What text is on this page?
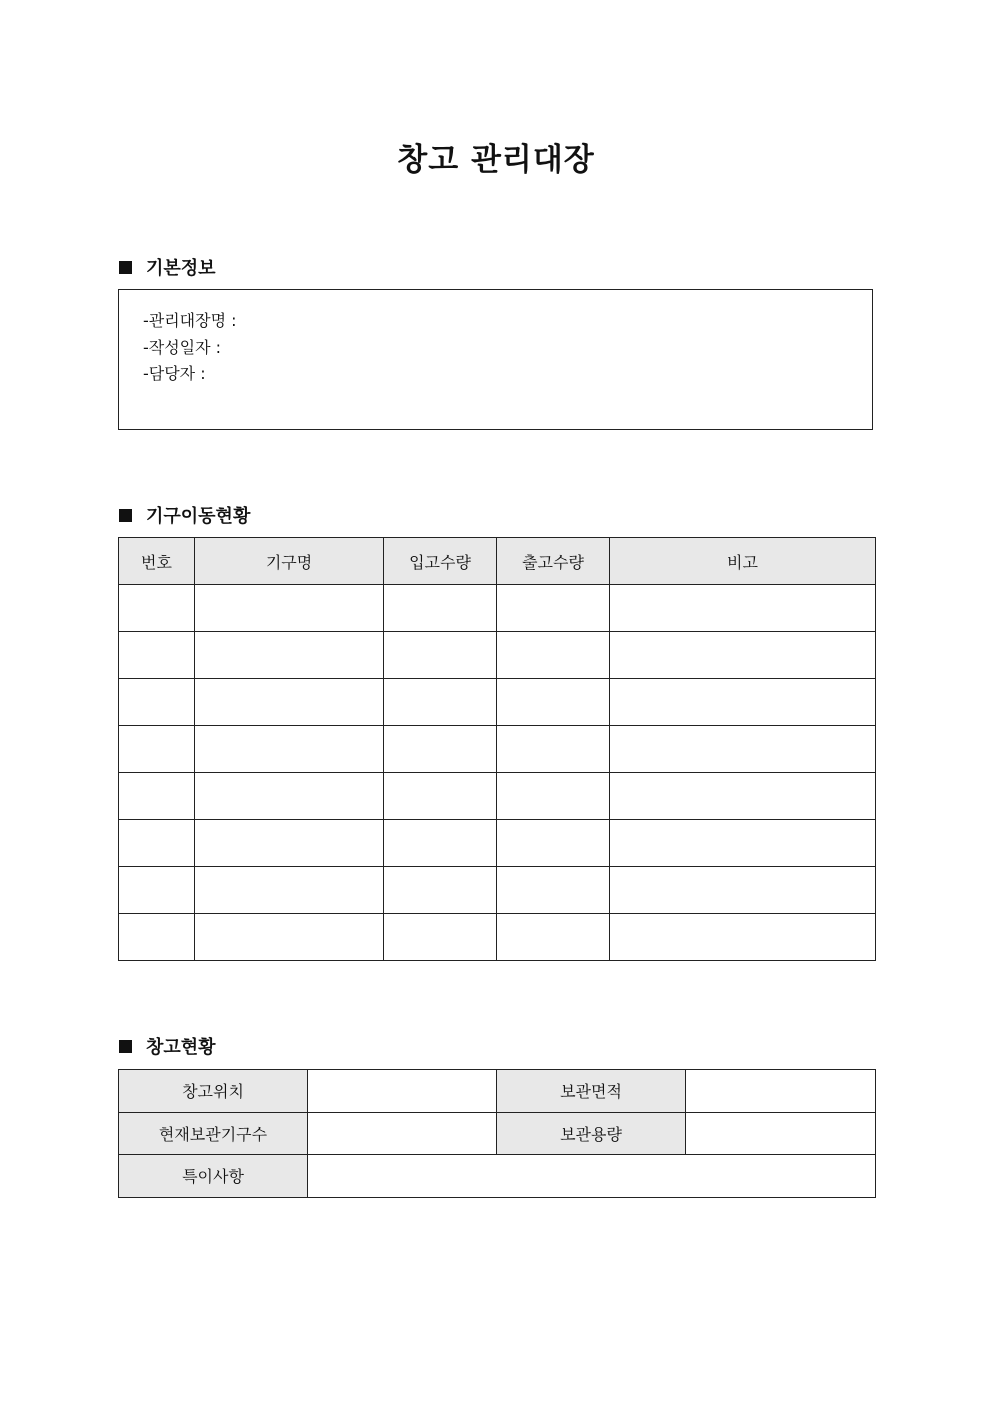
창고 관리대장
기본정보
-관리대장명 :
-작성일자 :
-담당자 :
기구이동현황
번호	기구명	입고수량	출고수량	비고

창고현황
창고위치		보관면적	
현재보관기구수		보관용량	
특이사항			
